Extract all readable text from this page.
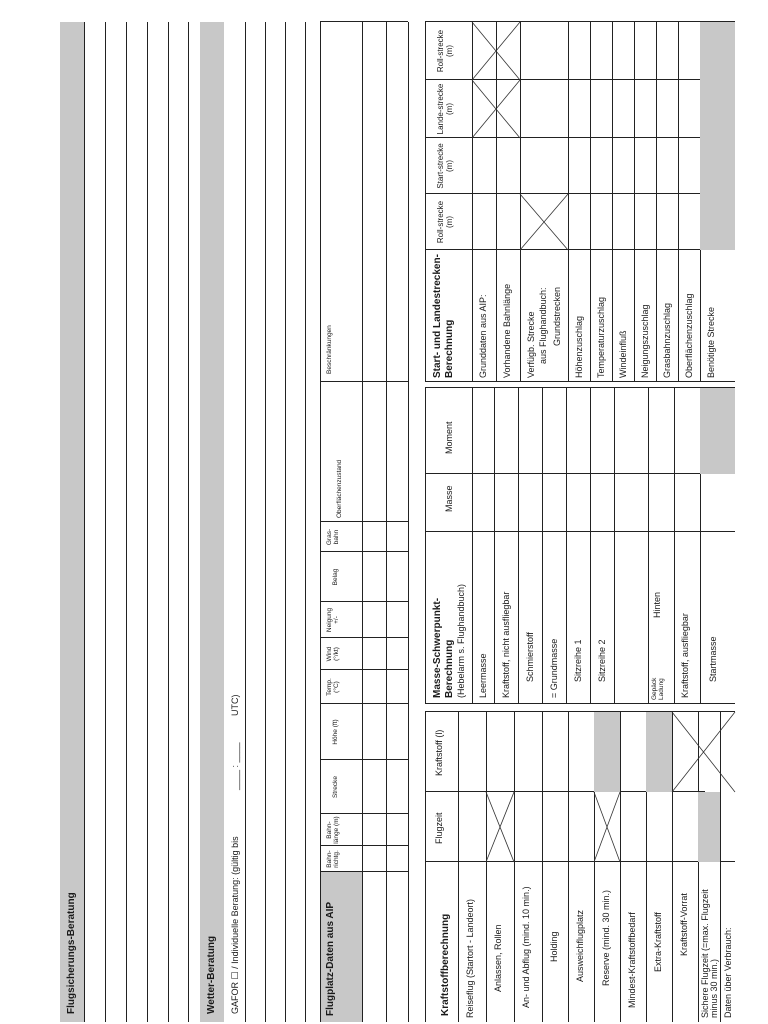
Flugsicherungs-Beratung	Wetter-Beratung GAFOR ☐ / Individuelle Beratung: (gültig bis
____ : ____
UTC)
Flugplatz-Daten aus AIP
Bahn-richtg.
Bahn-länge (m)
Strecke
Höhe (ft)
Temp. (°C)
Wind (°/kt)
Neigung +/-
Belag
Gras-bahn
Oberflächenzustand
Beschränkungen
Kraftstoffberechnung
Flugzeit
Kraftstoff (l)
Reiseflug (Startort - Landeort) Anlassen, Rollen An- und Abflug (mind. 10 min.) Holding Ausweichflugplatz Reserve (mind. 30 min.) Mindest-Kraftstoffbedarf Extra-Kraftstoff Kraftstoff-Vorrat Sichere Flugzeit (=max. Flugzeit minus 30 min.) Daten über Verbrauch:
Masse-Schwerpunkt- Berechnung (Hebelarm s. Flughandbuch)
Masse
Moment
Leermasse Kraftstoff, nicht ausfliegbar Schmierstoff = Grundmasse Sitzreihe 1 Sitzreihe 2
Gepäck Ladung
Hinten
Kraftstoff, ausfliegbar Startmasse
Start- und Landestrecken- Berechnung
Roll-strecke (m)
Start-strecke (m)
Lande-strecke (m)
Roll-strecke (m)
Grunddaten aus AIP: Vorhandene Bahnlänge Verfügb. Strecke aus Flughandbuch: Grundstrecken Höhenzuschlag Temperaturzuschlag Windeinfluß Neigungszuschlag Grasbahnzuschlag Oberflächenzuschlag Benötigte Strecke
